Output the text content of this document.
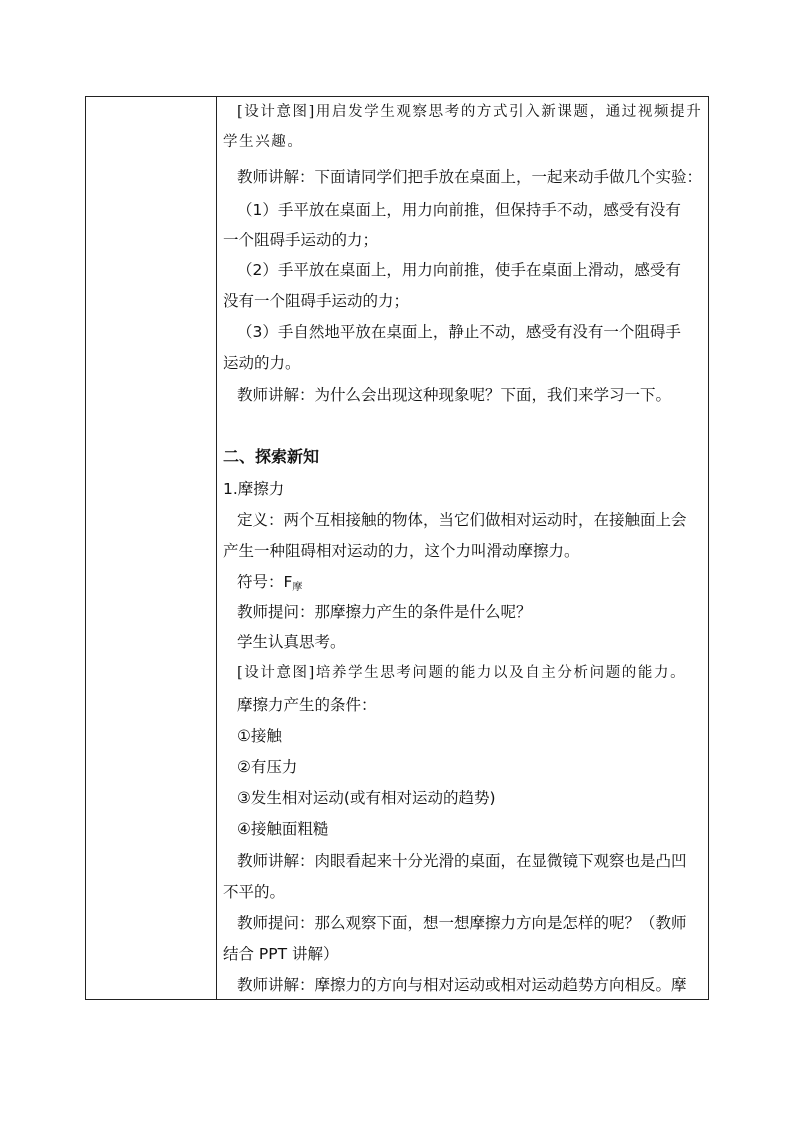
[设计意图]用启发学生观察思考的方式引入新课题，通过视频提升
学生兴趣。
教师讲解：下面请同学们把手放在桌面上，一起来动手做几个实验：
（1）手平放在桌面上，用力向前推，但保持手不动，感受有没有
一个阻碍手运动的力；
（2）手平放在桌面上，用力向前推，使手在桌面上滑动，感受有
没有一个阻碍手运动的力；
（3）手自然地平放在桌面上，静止不动，感受有没有一个阻碍手
运动的力。
教师讲解：为什么会出现这种现象呢？下面，我们来学习一下。
二、探索新知
1.摩擦力
定义：两个互相接触的物体，当它们做相对运动时，在接触面上会
产生一种阻碍相对运动的力，这个力叫滑动摩擦力。
符号：$F_摩$
教师提问：那摩擦力产生的条件是什么呢？
学生认真思考。
[设计意图]培养学生思考问题的能力以及自主分析问题的能力。
摩擦力产生的条件：
①接触
②有压力
③发生相对运动(或有相对运动的趋势)
④接触面粗糙
教师讲解：肉眼看起来十分光滑的桌面，在显微镜下观察也是凸凹
不平的。
教师提问：那么观察下面，想一想摩擦力方向是怎样的呢？（教师
结合 PPT 讲解）
教师讲解：摩擦力的方向与相对运动或相对运动趋势方向相反。摩
